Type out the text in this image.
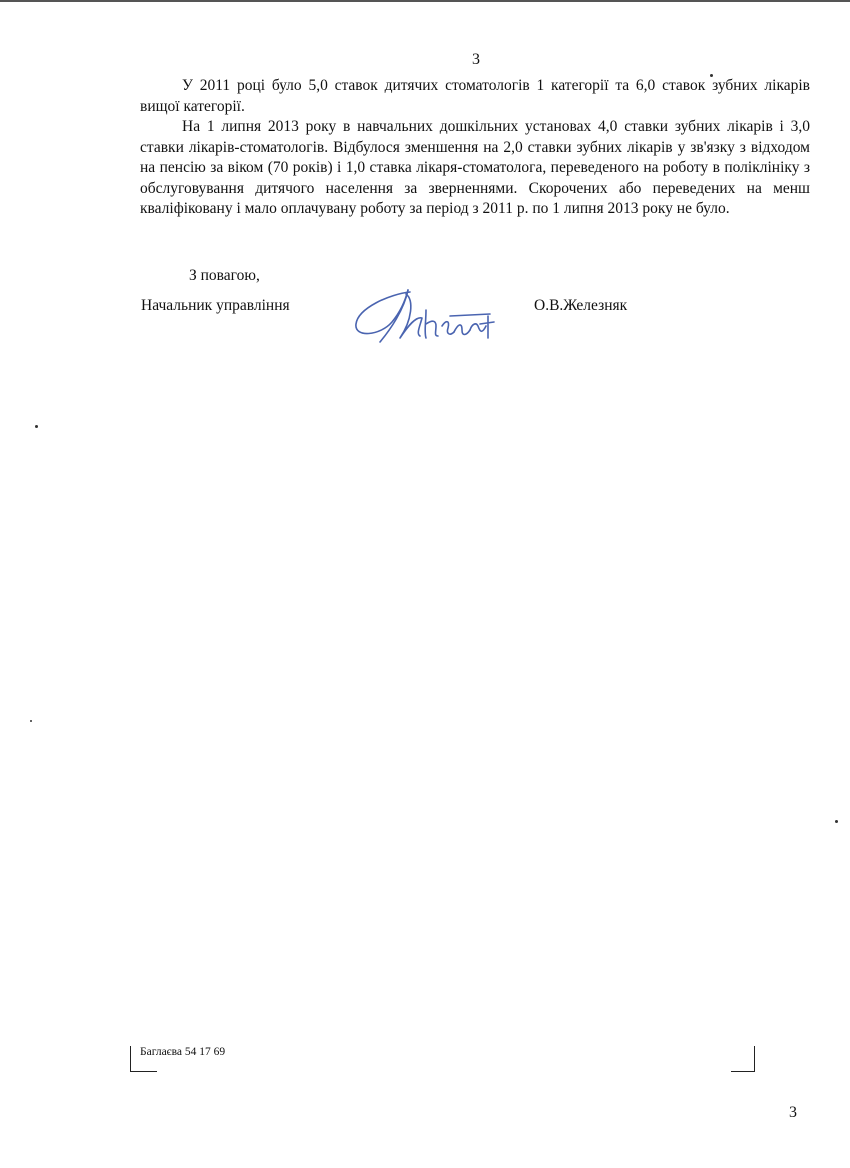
3

У 2011 році було 5,0 ставок дитячих стоматологів 1 категорії та 6,0 ставок зубних лікарів вищої категорії.

На 1 липня 2013 року в навчальних дошкільних установах 4,0 ставки зубних лікарів і 3,0 ставки лікарів-стоматологів. Відбулося зменшення на 2,0 ставки зубних лікарів у зв'язку з відходом на пенсію за віком (70 років) і 1,0 ставка лікаря-стоматолога, переведеного на роботу в поліклініку з обслуговування дитячого населення за зверненнями. Скорочених або переведених на менш кваліфіковану і мало оплачувану роботу за період з 2011 р. по 1 липня 2013 року не було.

З повагою,
Начальник управління	О.В.Железняк
Баглаєва 54 17 69
3
